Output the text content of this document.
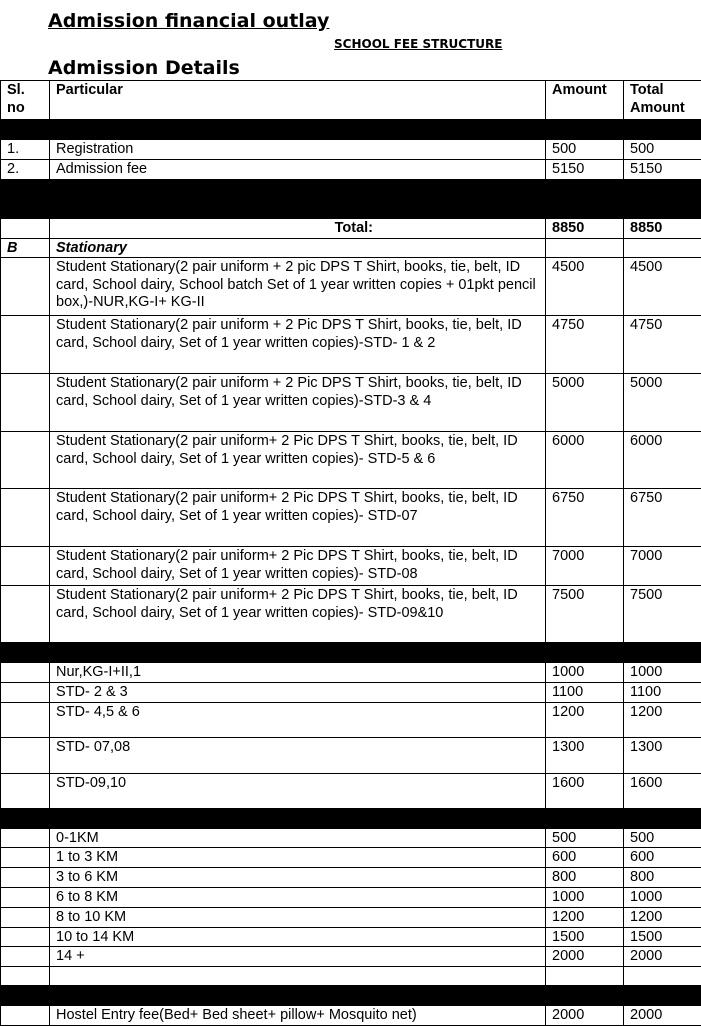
Admission financial outlay
SCHOOL FEE STRUCTURE
Admission Details
Sl. no	Particular	Amount	Total Amount

1.	Registration	500	500
2.	Admission fee	5150	5150

	Total:	8850	8850
B	Stationary		
	Student Stationary(2 pair uniform + 2 pic DPS T Shirt, books, tie, belt, ID card, School dairy, School batch Set of 1 year written copies + 01pkt pencil box,)-NUR,KG-I+ KG-II	4500	4500
	Student Stationary(2 pair uniform + 2 Pic DPS T Shirt, books, tie, belt, ID card, School dairy, Set of 1 year written copies)-STD- 1 & 2	4750	4750
	Student Stationary(2 pair uniform + 2 Pic DPS T Shirt, books, tie, belt, ID card, School dairy, Set of 1 year written copies)-STD-3 & 4	5000	5000
	Student Stationary(2 pair uniform+ 2 Pic DPS T Shirt, books, tie, belt, ID card, School dairy, Set of 1 year written copies)- STD-5 & 6	6000	6000
	Student Stationary(2 pair uniform+ 2 Pic DPS T Shirt, books, tie, belt, ID card, School dairy, Set of 1 year written copies)- STD-07	6750	6750
	Student Stationary(2 pair uniform+ 2 Pic DPS T Shirt, books, tie, belt, ID card, School dairy, Set of 1 year written copies)- STD-08	7000	7000
	Student Stationary(2 pair uniform+ 2 Pic DPS T Shirt, books, tie, belt, ID card, School dairy, Set of 1 year written copies)- STD-09&10	7500	7500

	Nur,KG-I+II,1	1000	1000
	STD- 2 & 3	1100	1100
	STD- 4,5 & 6	1200	1200
	STD- 07,08	1300	1300
	STD-09,10	1600	1600

	0-1KM	500	500
	1 to 3 KM	600	600
	3 to 6 KM	800	800
	6 to 8 KM	1000	1000
	8 to 10 KM	1200	1200
	10 to 14 KM	1500	1500
	14 +	2000	2000

	Hostel Entry fee(Bed+ Bed sheet+ pillow+ Mosquito net)	2000	2000
